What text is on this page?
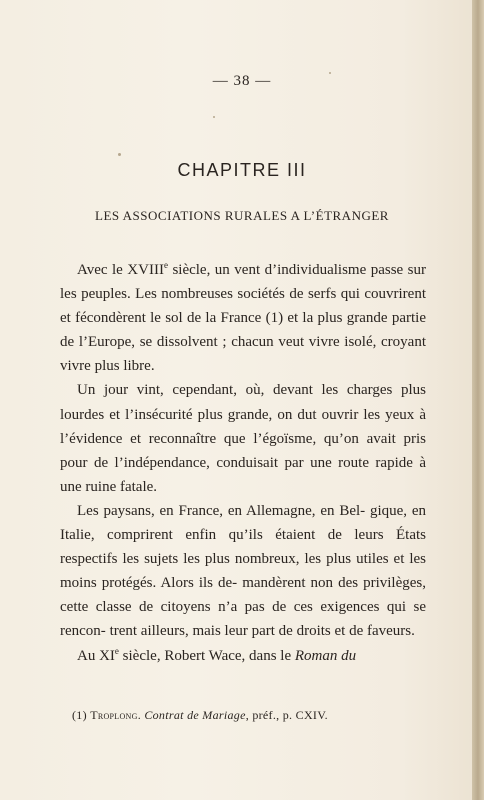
— 38 —
CHAPITRE III
LES ASSOCIATIONS RURALES A L’ÉTRANGER

Avec le XVIIIe siècle, un vent d’individualisme passe sur les peuples. Les nombreuses sociétés de serfs qui couvrirent et fécondèrent le sol de la France (1) et la plus grande partie de l’Europe, se dissolvent ; chacun veut vivre isolé, croyant vivre plus libre.

Un jour vint, cependant, où, devant les charges plus lourdes et l’insécurité plus grande, on dut ouvrir les yeux à l’évidence et reconnaître que l’égoïsme, qu’on avait pris pour de l’indépendance, conduisait par une route rapide à une ruine fatale.

Les paysans, en France, en Allemagne, en Bel- gique, en Italie, comprirent enfin qu’ils étaient de leurs États respectifs les sujets les plus nombreux, les plus utiles et les moins protégés. Alors ils de- mandèrent non des privilèges, cette classe de citoyens n’a pas de ces exigences qui se rencon- trent ailleurs, mais leur part de droits et de faveurs.

Au XIe siècle, Robert Wace, dans le Roman du

(1) Troplong. Contrat de Mariage, préf., p. CXIV.
